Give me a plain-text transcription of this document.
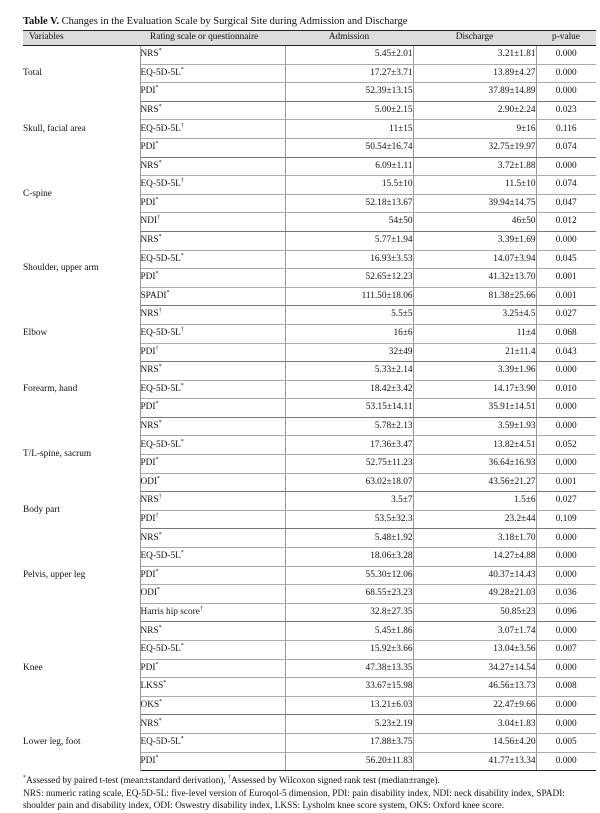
Table V. Changes in the Evaluation Scale by Surgical Site during Admission and Discharge
Variables	Rating scale or questionnaire	Admission	Discharge	p-value
Total	NRS*	5.45±2.01	3.21±1.81	0.000
	EQ-5D-5L*	17.27±3.71	13.89±4.27	0.000
	PDI*	52.39±13.15	37.89±14.89	0.000
Skull, facial area	NRS*	5.00±2.15	2.90±2.24	0.023
	EQ-5D-5L†	11±15	9±16	0.116
	PDI*	50.54±16.74	32.75±19.97	0.074
C-spine	NRS*	6.09±1.11	3.72±1.88	0.000
	EQ-5D-5L†	15.5±10	11.5±10	0.074
	PDI*	52.18±13.67	39.94±14.75	0.047
	NDI†	54±50	46±50	0.012
Shoulder, upper arm	NRS*	5.77±1.94	3.39±1.69	0.000
	EQ-5D-5L*	16.93±3.53	14.07±3.94	0.045
	PDI*	52.65±12.23	41.32±13.70	0.001
	SPADI*	111.50±18.06	81.38±25.66	0.001
Elbow	NRS†	5.5±5	3.25±4.5	0.027
	EQ-5D-5L†	16±6	11±4	0.068
	PDI†	32±49	21±11.4	0.043
Forearm, hand	NRS*	5.33±2.14	3.39±1.96	0.000
	EQ-5D-5L*	18.42±3.42	14.17±3.90	0.010
	PDI*	53.15±14.11	35.91±14.51	0.000
T/L-spine, sacrum	NRS*	5.78±2.13	3.59±1.93	0.000
	EQ-5D-5L*	17.36±3.47	13.82±4.51	0.052
	PDI*	52.75±11.23	36.64±16.93	0.000
	ODI*	63.02±18.07	43.56±21.27	0.001
Body part	NRS†	3.5±7	1.5±6	0.027
	PDI†	53.5±32.3	23.2±44	0.109
Pelvis, upper leg	NRS*	5.48±1.92	3.18±1.70	0.000
	EQ-5D-5L*	18.06±3.28	14.27±4.88	0.000
	PDI*	55.30±12.06	40.37±14.43	0.000
	ODI*	68.55±23.23	49.28±21.03	0.036
	Harris hip score†	32.8±27.35	50.85±23	0.096
Knee	NRS*	5.45±1.86	3.07±1.74	0.000
	EQ-5D-5L*	15.92±3.66	13.04±3.56	0.007
	PDI*	47.38±13.35	34.27±14.54	0.000
	LKSS*	33.67±15.98	46.56±13.73	0.008
	OKS*	13.21±6.03	22.47±9.66	0.000
Lower leg, foot	NRS*	5.23±2.19	3.04±1.83	0.000
	EQ-5D-5L*	17.88±3.75	14.56±4.20	0.005
	PDI*	56.20±11.83	41.77±13.34	0.000

*Assessed by paired t-test (mean±standard derivation), †Assessed by Wilcoxon signed rank test (median±range).

NRS: numeric rating scale, EQ-5D-5L: five-level version of Euroqol-5 dimension, PDI: pain disability index, NDI: neck disability index, SPADI: shoulder pain and disability index, ODI: Oswestry disability index, LKSS: Lysholm knee score system, OKS: Oxford knee score.
